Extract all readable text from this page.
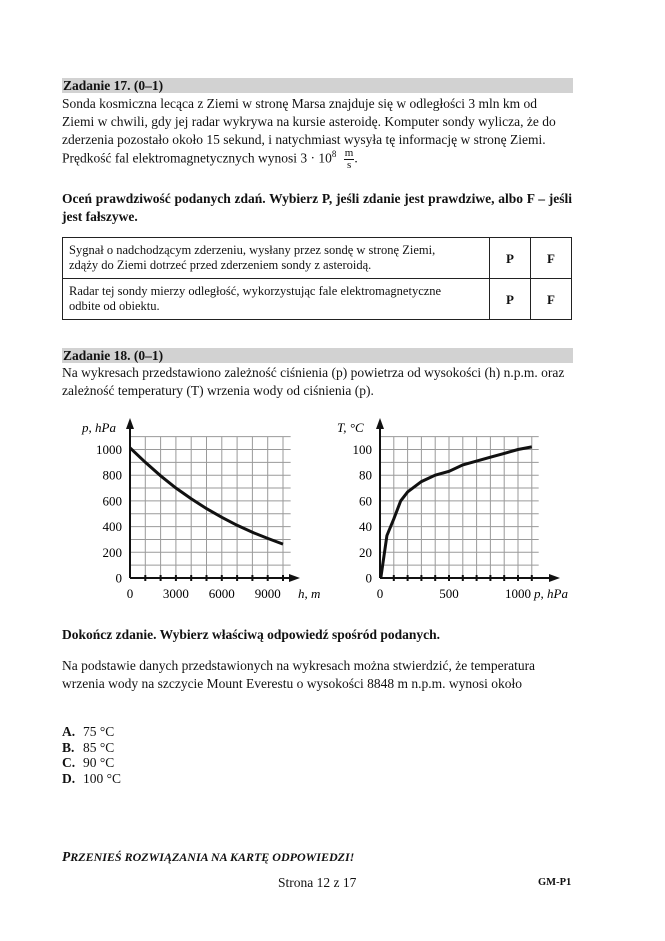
Zadanie 17. (0–1)
Sonda kosmiczna lecąca z Ziemi w stronę Marsa znajduje się w odległości 3 mln km od
Ziemi w chwili, gdy jej radar wykrywa na kursie asteroidę. Komputer sondy wylicza, że do
zderzenia pozostało około 15 sekund, i natychmiast wysyła tę informację w stronę Ziemi.
Prędkość fal elektromagnetycznych wynosi $3 \cdot 10^8 \frac{m}{s}$ .
Oceń prawdziwość podanych zdań. Wybierz P, jeśli zdanie jest prawdziwe, albo F – jeśli jest fałszywe.
Sygnał o nadchodzącym zderzeniu, wysłany przez sondę w stronę Ziemi,
zdąży do Ziemi dotrzeć przed zderzeniem sondy z asteroidą.	P	F

Radar tej sondy mierzy odległość, wykorzystując fale elektromagnetyczne
odbite od obiektu.	P	F
Zadanie 18. (0–1)
Na wykresach przedstawiono zależność ciśnienia (p) powietrza od wysokości (h) n.p.m. oraz
zależność temperatury (T) wrzenia wody od ciśnienia (p).
p, hPa
0
200
400
600
800
1000
0 3000 6000 9000 h, m
T, °C
0
20
40
60
80
100
0	500	1000 p, hPa
Dokończ zdanie. Wybierz właściwą odpowiedź spośród podanych.
Na podstawie danych przedstawionych na wykresach można stwierdzić, że temperatura
wrzenia wody na szczycie Mount Everestu o wysokości 8848 m n.p.m. wynosi około
A. 75 °C
B. 85 °C
C. 90 °C
D. 100 °C
PRZENIEŚ ROZWIĄZANIA NA KARTĘ ODPOWIEDZI!
Strona 12 z 17	GM-P1
